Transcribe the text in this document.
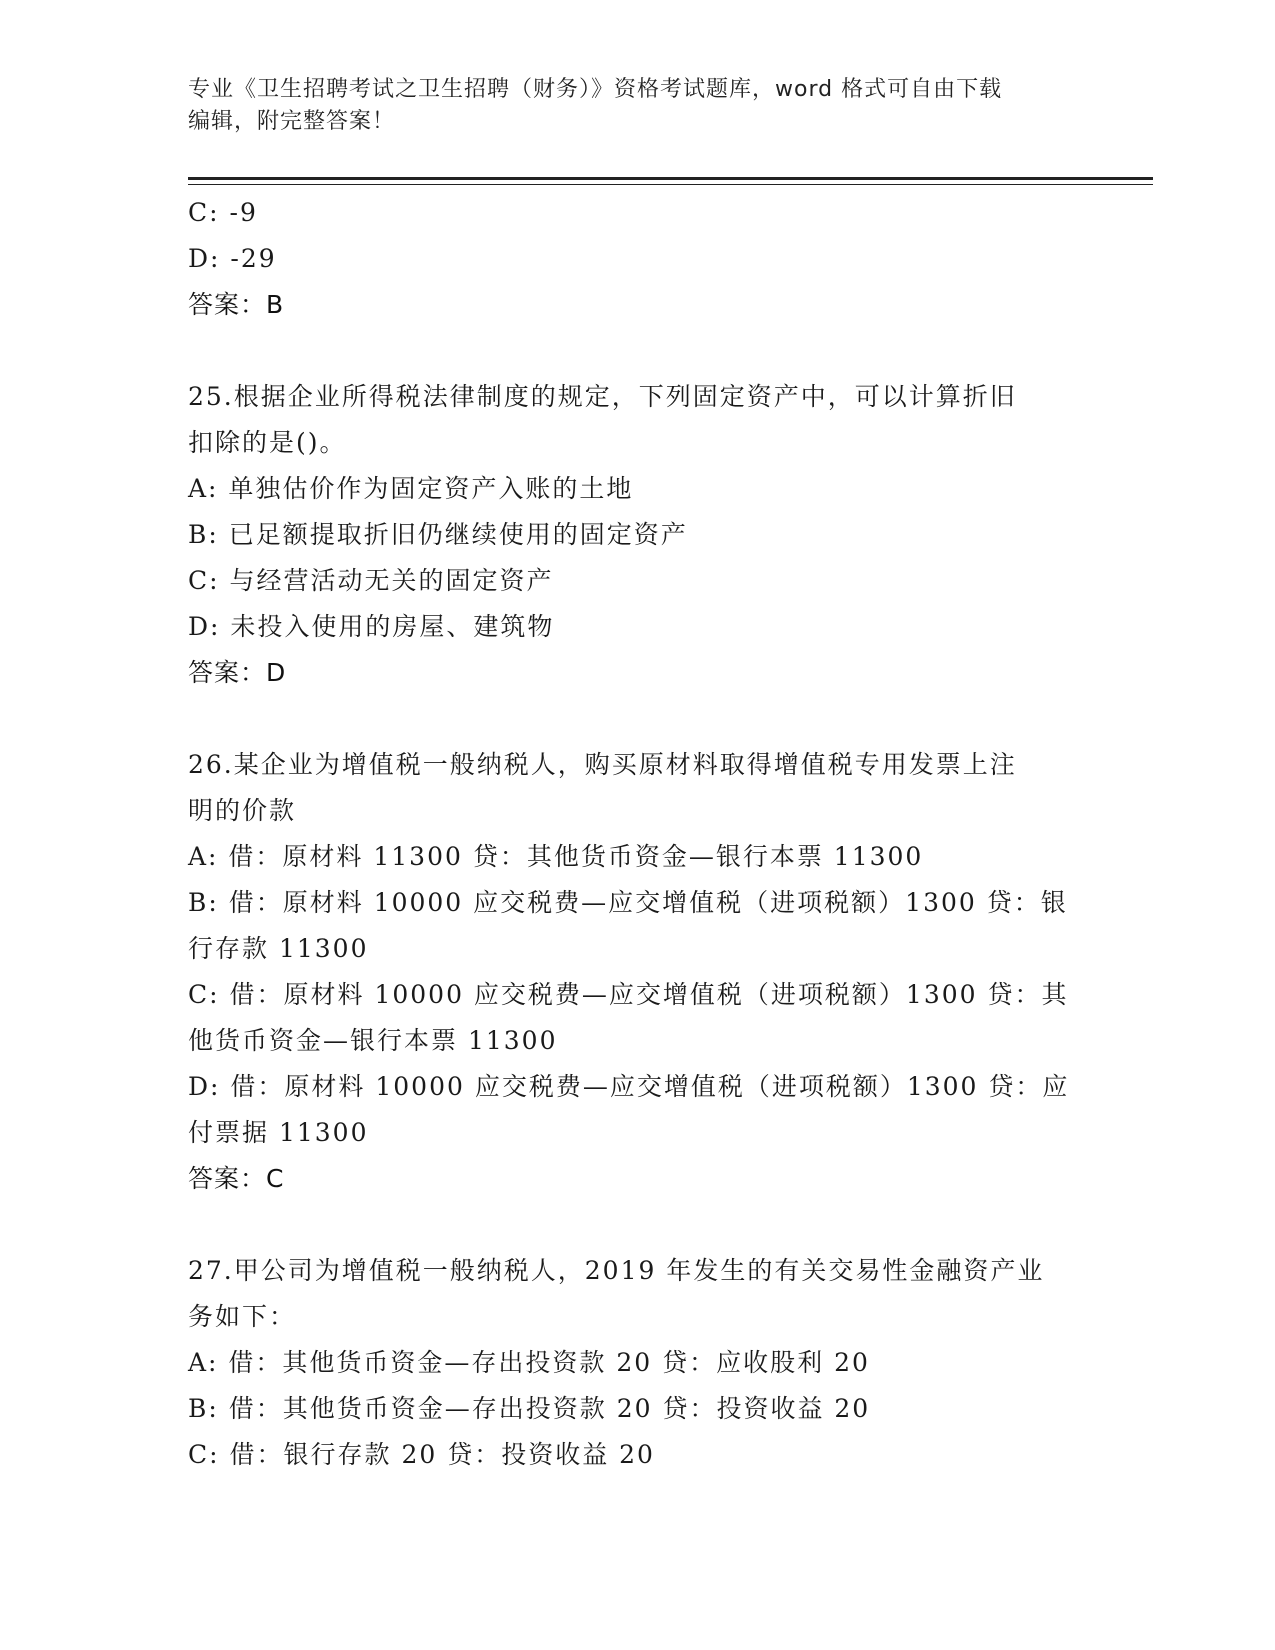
专业《卫生招聘考试之卫生招聘（财务）》资格考试题库，word 格式可自由下载
编辑，附完整答案！
C: -9
D: -29
答案：B
25.根据企业所得税法律制度的规定，下列固定资产中，可以计算折旧
扣除的是()。
A: 单独估价作为固定资产入账的土地
B: 已足额提取折旧仍继续使用的固定资产
C: 与经营活动无关的固定资产
D: 未投入使用的房屋、建筑物
答案：D
26.某企业为增值税一般纳税人，购买原材料取得增值税专用发票上注
明的价款
A: 借：原材料 11300 贷：其他货币资金—银行本票 11300
B: 借：原材料 10000 应交税费—应交增值税（进项税额）1300 贷：银
行存款 11300
C: 借：原材料 10000 应交税费—应交增值税（进项税额）1300 贷：其
他货币资金—银行本票 11300
D: 借：原材料 10000 应交税费—应交增值税（进项税额）1300 贷：应
付票据 11300
答案：C
27.甲公司为增值税一般纳税人，2019 年发生的有关交易性金融资产业
务如下：
A: 借：其他货币资金—存出投资款 20 贷：应收股利 20
B: 借：其他货币资金—存出投资款 20 贷：投资收益 20
C: 借：银行存款 20 贷：投资收益 20
